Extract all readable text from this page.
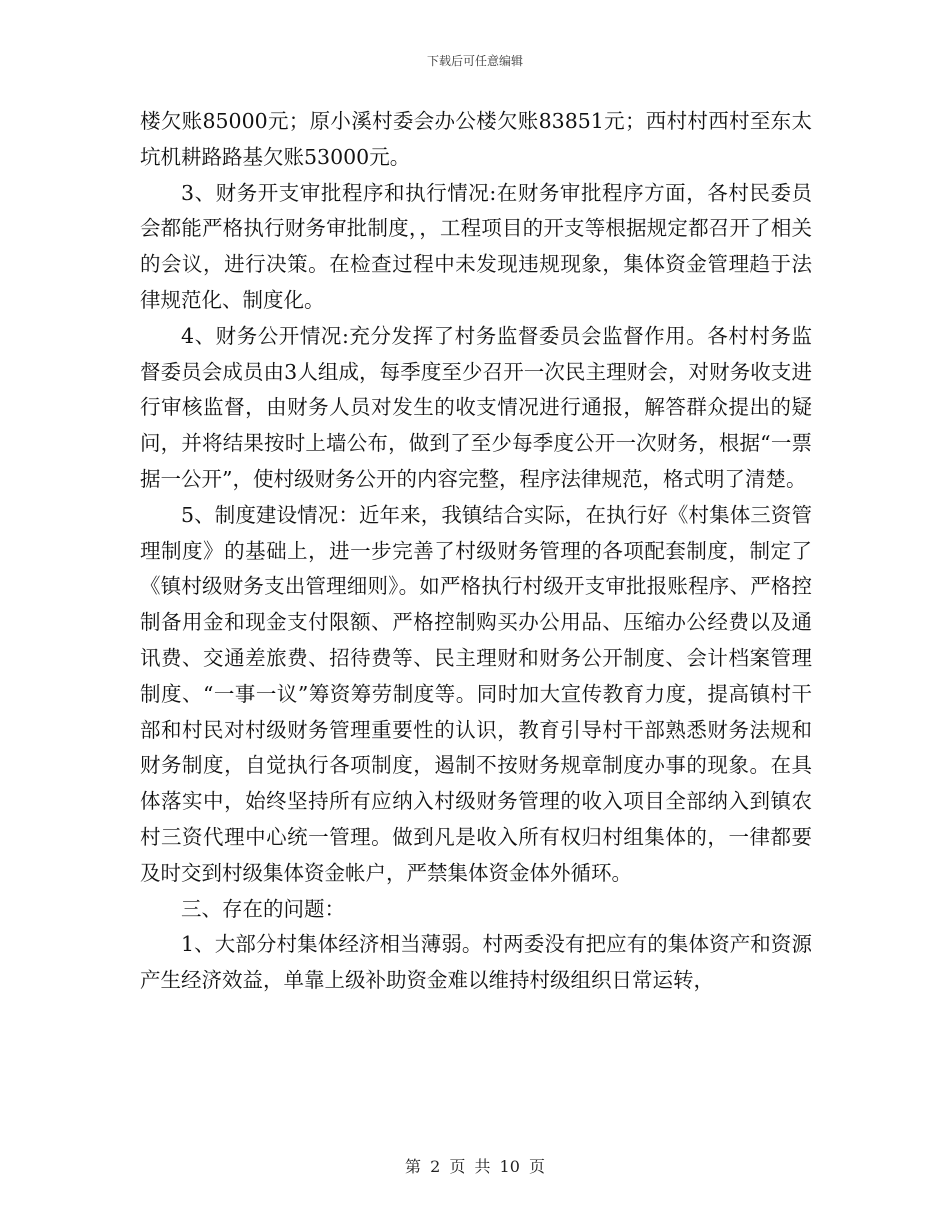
下载后可任意编辑

楼欠账85000元；原小溪村委会办公楼欠账83851元；西村村西村至东太坑机耕路路基欠账53000元。

3、财务开支审批程序和执行情况:在财务审批程序方面，各村民委员会都能严格执行财务审批制度，，工程项目的开支等根据规定都召开了相关的会议，进行决策。在检查过程中未发现违规现象，集体资金管理趋于法律规范化、制度化。

4、财务公开情况:充分发挥了村务监督委员会监督作用。各村村务监督委员会成员由3人组成，每季度至少召开一次民主理财会，对财务收支进行审核监督，由财务人员对发生的收支情况进行通报，解答群众提出的疑问，并将结果按时上墙公布，做到了至少每季度公开一次财务，根据“一票据一公开”，使村级财务公开的内容完整，程序法律规范，格式明了清楚。

5、制度建设情况：近年来，我镇结合实际，在执行好《村集体三资管理制度》的基础上，进一步完善了村级财务管理的各项配套制度，制定了《镇村级财务支出管理细则》。如严格执行村级开支审批报账程序、严格控制备用金和现金支付限额、严格控制购买办公用品、压缩办公经费以及通讯费、交通差旅费、招待费等、民主理财和财务公开制度、会计档案管理制度、“一事一议”筹资筹劳制度等。同时加大宣传教育力度，提高镇村干部和村民对村级财务管理重要性的认识，教育引导村干部熟悉财务法规和财务制度，自觉执行各项制度，遏制不按财务规章制度办事的现象。在具体落实中，始终坚持所有应纳入村级财务管理的收入项目全部纳入到镇农村三资代理中心统一管理。做到凡是收入所有权归村组集体的，一律都要及时交到村级集体资金帐户，严禁集体资金体外循环。

三、存在的问题：

1、大部分村集体经济相当薄弱。村两委没有把应有的集体资产和资源产生经济效益，单靠上级补助资金难以维持村级组织日常运转，

第 2 页 共 10 页
